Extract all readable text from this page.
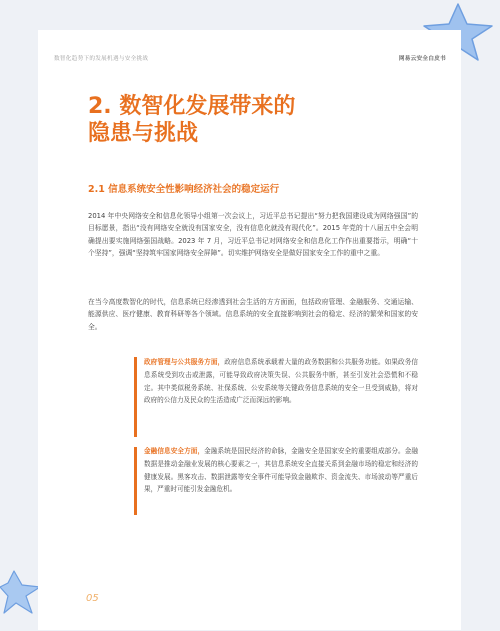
数智化趋势下的发展机遇与安全挑战	网易云安全白皮书
2. 数智化发展带来的
隐患与挑战
2.1 信息系统安全性影响经济社会的稳定运行

2014 年中央网络安全和信息化领导小组第一次会议上，习近平总书记提出“努力把我国建设成为网络强国”的目标愿景，指出“没有网络安全就没有国家安全，没有信息化就没有现代化”。2015 年党的十八届五中全会明确提出要实施网络强国战略。2023 年 7 月，习近平总书记对网络安全和信息化工作作出重要指示，明确“十个坚持”，强调“坚持筑牢国家网络安全屏障”。切实维护网络安全是做好国家安全工作的重中之重。

在当今高度数智化的时代，信息系统已经渗透到社会生活的方方面面，包括政府管理、金融服务、交通运输、能源供应、医疗健康、教育科研等各个领域。信息系统的安全直接影响到社会的稳定、经济的繁荣和国家的安全。

政府管理与公共服务方面，政府信息系统承载着大量的政务数据和公共服务功能。如果政务信息系统受到攻击或泄露，可能导致政府决策失误、公共服务中断，甚至引发社会恐慌和不稳定。其中类似税务系统、社保系统、公安系统等关键政务信息系统的安全一旦受到威胁，将对政府的公信力及民众的生活造成广泛而深远的影响。
金融信息安全方面，金融系统是国民经济的命脉，金融安全是国家安全的重要组成部分。金融数据是推动金融业发展的核心要素之一，其信息系统安全直接关系到金融市场的稳定和经济的健康发展。黑客攻击、数据泄露等安全事件可能导致金融欺诈、资金流失、市场波动等严重后果，严重时可能引发金融危机。
05
